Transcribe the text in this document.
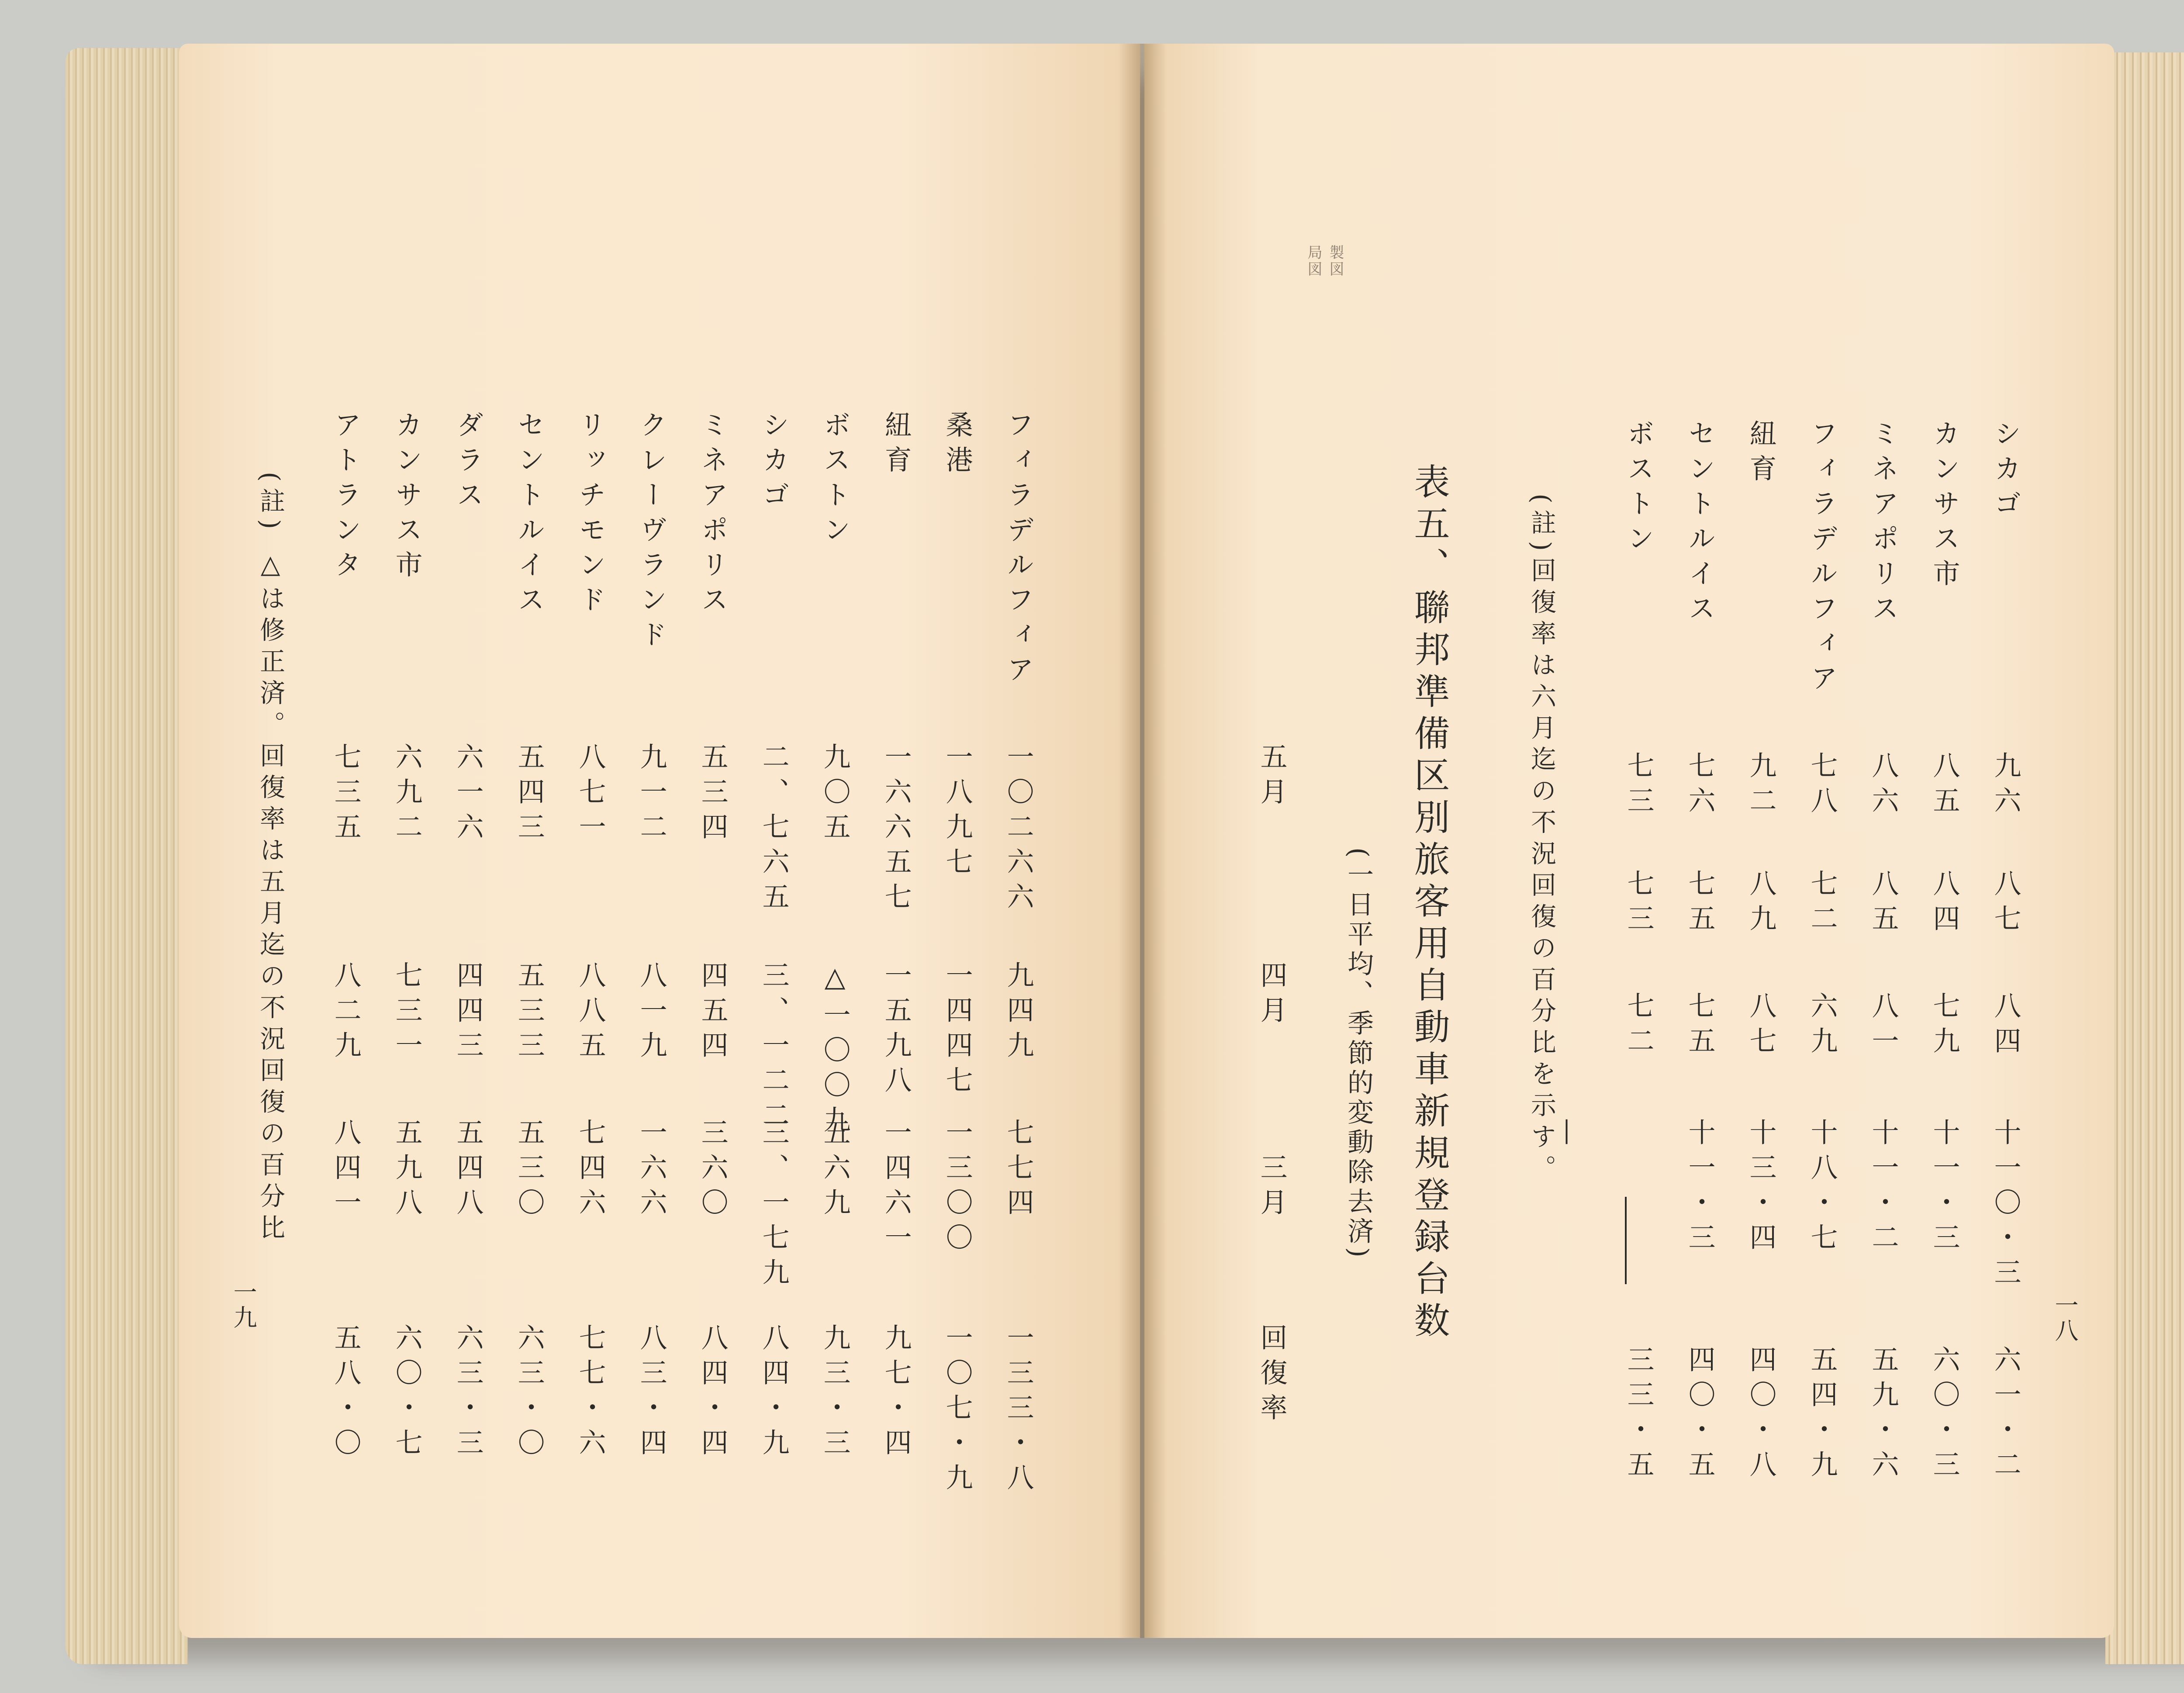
フィラデルフィア
一〇二六六
九四九
七七四
一三三・八
桑港
一八九七
一四四七
一三〇〇
一〇七・九
紐育
一六六五七
一五九八
一四六一
九七・四
ボストン
九〇五
△一〇〇九
五六九
九三・三
シカゴ
二、七六五
三、一二二
三、一七九
八四・九
ミネアポリス
五三四
四五四
三六〇
八四・四
クレーヴランド
九一二
八一九
一六六
八三・四
リッチモンド
八七一
八八五
七四六
七七・六
セントルイス
五四三
五三三
五三〇
六三・〇
ダラス
六一六
四四三
五四八
六三・三
カンサス市
六九二
七三一
五九八
六〇・七
アトランタ
七三五
八二九
八四一
五八・〇
(註) △は修正済。回復率は五月迄の不況回復の百分比
一九	一八
シカゴ
九六
八七
八四
十一〇・三
六一・二
カンサス市
八五
八四
七九
十一・三
六〇・三
ミネアポリス
八六
八五
八一
十一・二
五九・六
フィラデルフィア
七八
七二
六九
十八・七
五四・九
紐育
九二
八九
八七
十三・四
四〇・八
セントルイス
七六
七五
七五
十一・三
四〇・五
ボストン
七三
七三
七二
—
三三・五
(註)回復率は六月迄の不況回復の百分比を示す。
表五、聯邦準備区別旅客用自動車新規登録台数
(一日平均、季節的変動除去済)
五月
四月
三月
回復率
製図
局図
